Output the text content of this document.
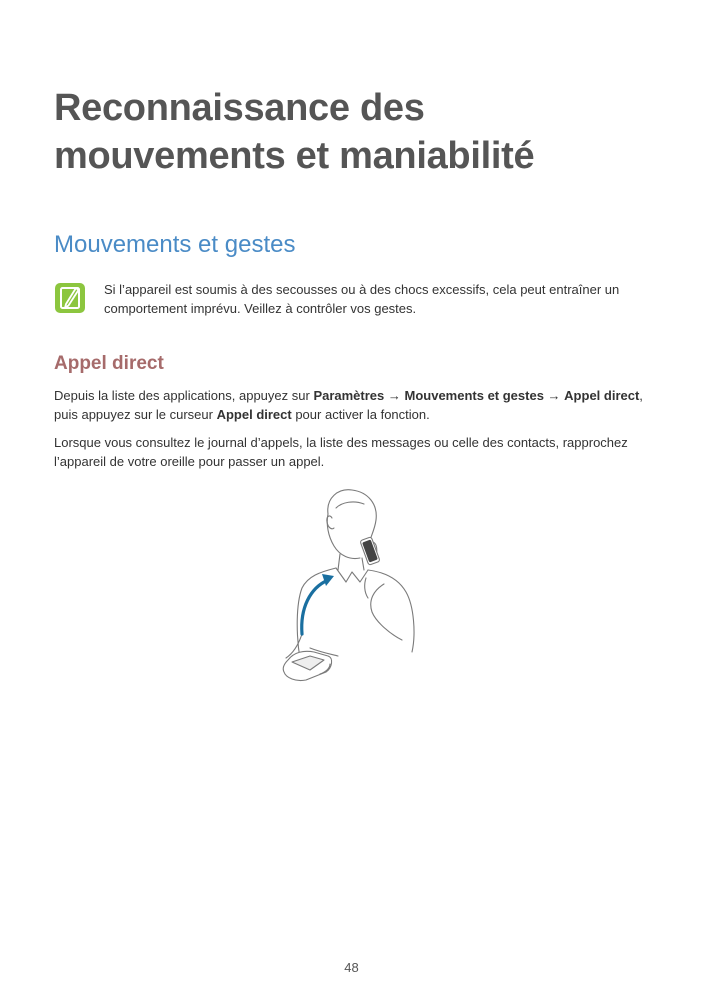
Reconnaissance des
mouvements et maniabilité
Mouvements et gestes
Si l’appareil est soumis à des secousses ou à des chocs excessifs, cela peut entraîner un
comportement imprévu. Veillez à contrôler vos gestes.
Appel direct

Depuis la liste des applications, appuyez sur Paramètres → Mouvements et gestes → Appel direct,
puis appuyez sur le curseur Appel direct pour activer la fonction.

Lorsque vous consultez le journal d’appels, la liste des messages ou celle des contacts, rapprochez
l’appareil de votre oreille pour passer un appel.

48
